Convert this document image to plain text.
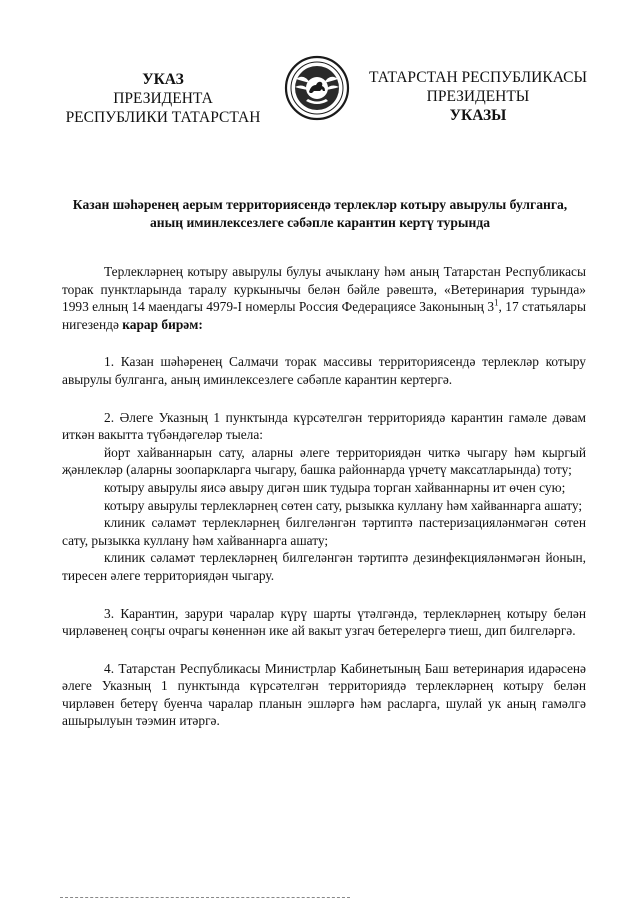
УКАЗ
ПРЕЗИДЕНТА
РЕСПУБЛИКИ ТАТАРСТАН
ТАТАРСТАН РЕСПУБЛИКАСЫ
ПРЕЗИДЕНТЫ
УКАЗЫ
Казан шәһәренең аерым территориясендә терлекләр котыру авырулы булганга, аның иминлексезлеге сәбәпле карантин кертү турында

Терлекләрнең котыру авырулы булуы ачыклану һәм аның Татарстан Республикасы торак пунктларында таралу куркынычы белән бәйле рәвештә, «Ветеринария турында» 1993 елның 14 маендагы 4979-I номерлы Россия Федерациясе Законының $3^1$, 17 статьялары нигезендә карар бирәм:

1. Казан шәһәренең Салмачи торак массивы территориясендә терлекләр котыру авырулы булганга, аның иминлексезлеге сәбәпле карантин кертергә.

2. Әлеге Указның 1 пунктында күрсәтелгән территориядә карантин гамәле дәвам иткән вакытта түбәндәгеләр тыела:

йорт хайваннарын сату, аларны әлеге территориядән читкә чыгару һәм кыргый җәнлекләр (аларны зоопаркларга чыгару, башка районнарда үрчетү максатларында) тоту;

котыру авырулы яисә авыру дигән шик тудыра торган хайваннарны ит өчен сую;

котыру авырулы терлекләрнең сөтен сату, рызыкка куллану һәм хайваннарга ашату;

клиник сәламәт терлекләрнең билгеләнгән тәртиптә пастеризацияләнмәгән сөтен сату, рызыкка куллану һәм хайваннарга ашату;

клиник сәламәт терлекләрнең билгеләнгән тәртиптә дезинфекцияләнмәгән йонын, тиресен әлеге территориядән чыгару.

3. Карантин, зарури чаралар күрү шарты үтәлгәндә, терлекләрнең котыру белән чирләвенең соңгы очрагы көненнән ике ай вакыт узгач бетерелергә тиеш, дип билгеләргә.

4. Татарстан Республикасы Министрлар Кабинетының Баш ветеринария идарәсенә әлеге Указның 1 пунктында күрсәтелгән территориядә терлекләрнең котыру белән чирләвен бетерү буенча чаралар планын эшләргә һәм расларга, шулай ук аның гамәлгә ашырылуын тәэмин итәргә.
